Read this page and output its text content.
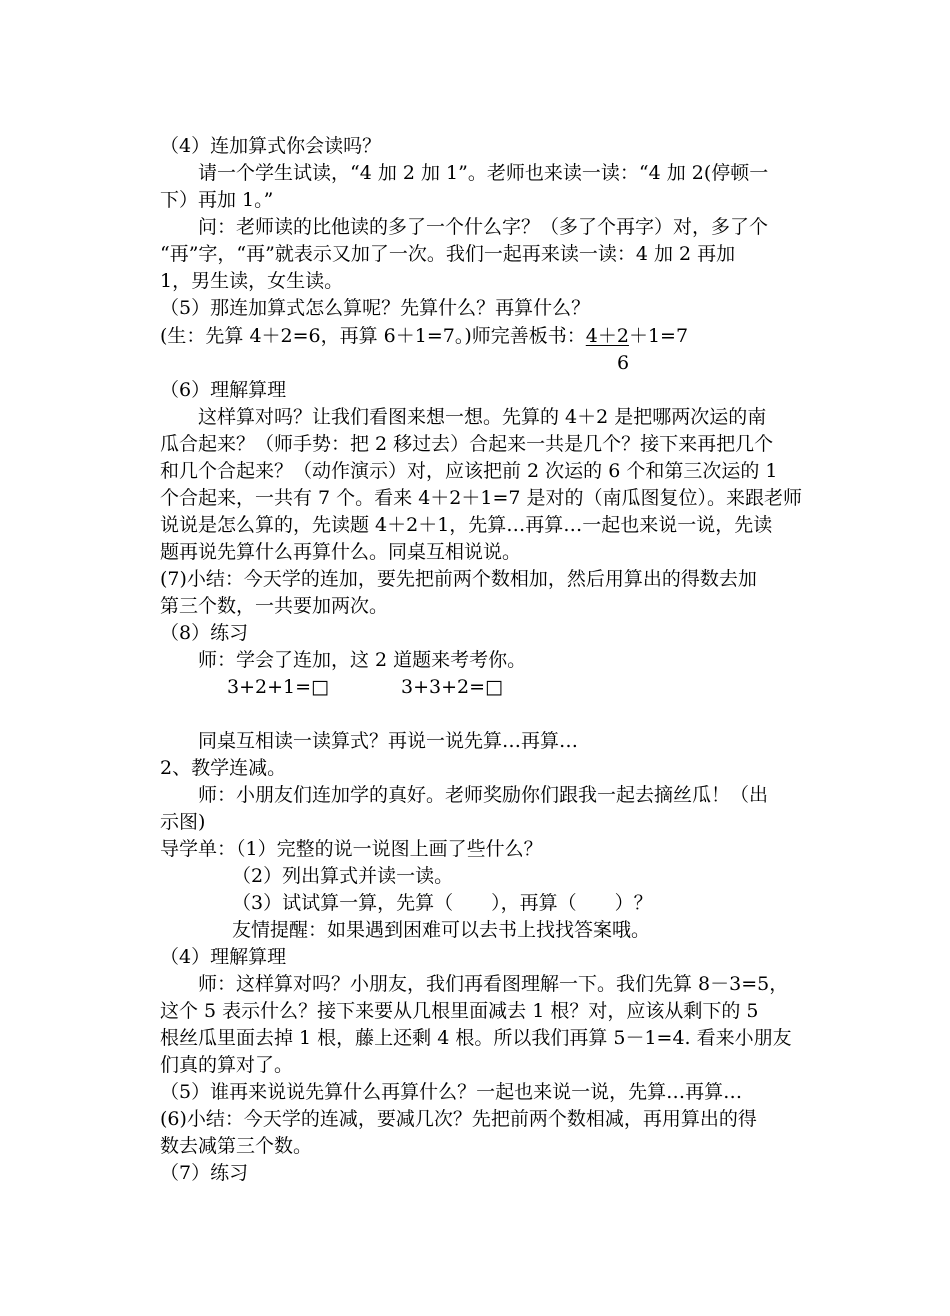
（4）连加算式你会读吗？
请一个学生试读，“4 加 2 加 1”。老师也来读一读：“4 加 2(停顿一
下）再加 1。”
问：老师读的比他读的多了一个什么字？（多了个再字）对，多了个
“再”字，“再”就表示又加了一次。我们一起再来读一读：4 加 2 再加
1，男生读，女生读。
（5）那连加算式怎么算呢？先算什么？再算什么？
(生：先算 4＋2=6，再算 6＋1=7。)师完善板书：4＋2＋1=7
6
（6）理解算理
这样算对吗？让我们看图来想一想。先算的 4＋2 是把哪两次运的南
瓜合起来？（师手势：把 2 移过去）合起来一共是几个？接下来再把几个
和几个合起来？（动作演示）对，应该把前 2 次运的 6 个和第三次运的 1
个合起来，一共有 7 个。看来 4＋2＋1=7 是对的（南瓜图复位）。来跟老师
说说是怎么算的，先读题 4＋2＋1，先算…再算…一起也来说一说，先读
题再说先算什么再算什么。同桌互相说说。
(7)小结：今天学的连加，要先把前两个数相加，然后用算出的得数去加
第三个数，一共要加两次。
（8）练习
师：学会了连加，这 2 道题来考考你。
3+2+1=□	3+3+2=□
同桌互相读一读算式？再说一说先算…再算…
2、教学连减。
师：小朋友们连加学的真好。老师奖励你们跟我一起去摘丝瓜！（出
示图)
导学单：（1）完整的说一说图上画了些什么？
（2）列出算式并读一读。
（3）试试算一算，先算（　　），再算（　　）？
友情提醒：如果遇到困难可以去书上找找答案哦。
（4）理解算理
师：这样算对吗？小朋友，我们再看图理解一下。我们先算 8－3=5，
这个 5 表示什么？接下来要从几根里面减去 1 根？对，应该从剩下的 5
根丝瓜里面去掉 1 根，藤上还剩 4 根。所以我们再算 5－1=4. 看来小朋友
们真的算对了。
（5）谁再来说说先算什么再算什么？一起也来说一说，先算…再算…
(6)小结：今天学的连减，要减几次？先把前两个数相减，再用算出的得
数去减第三个数。
（7）练习
